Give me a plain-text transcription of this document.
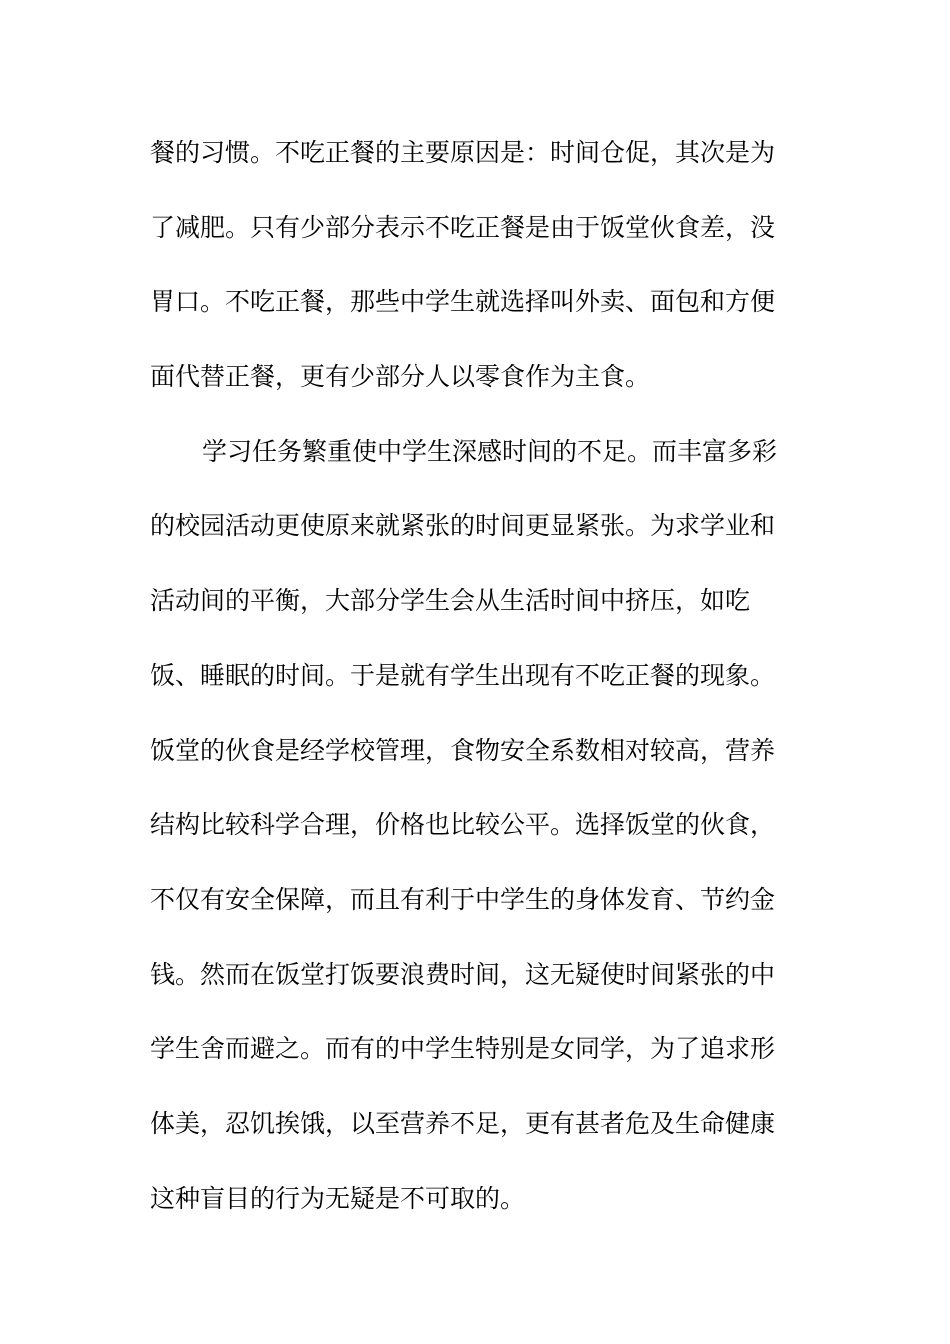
餐的习惯。不吃正餐的主要原因是：时间仓促，其次是为
了减肥。只有少部分表示不吃正餐是由于饭堂伙食差，没
胃口。不吃正餐，那些中学生就选择叫外卖、面包和方便
面代替正餐，更有少部分人以零食作为主食。
学习任务繁重使中学生深感时间的不足。而丰富多彩
的校园活动更使原来就紧张的时间更显紧张。为求学业和
活动间的平衡，大部分学生会从生活时间中挤压，如吃
饭、睡眠的时间。于是就有学生出现有不吃正餐的现象。
饭堂的伙食是经学校管理，食物安全系数相对较高，营养
结构比较科学合理，价格也比较公平。选择饭堂的伙食，
不仅有安全保障，而且有利于中学生的身体发育、节约金
钱。然而在饭堂打饭要浪费时间，这无疑使时间紧张的中
学生舍而避之。而有的中学生特别是女同学，为了追求形
体美，忍饥挨饿，以至营养不足，更有甚者危及生命健康
这种盲目的行为无疑是不可取的。
